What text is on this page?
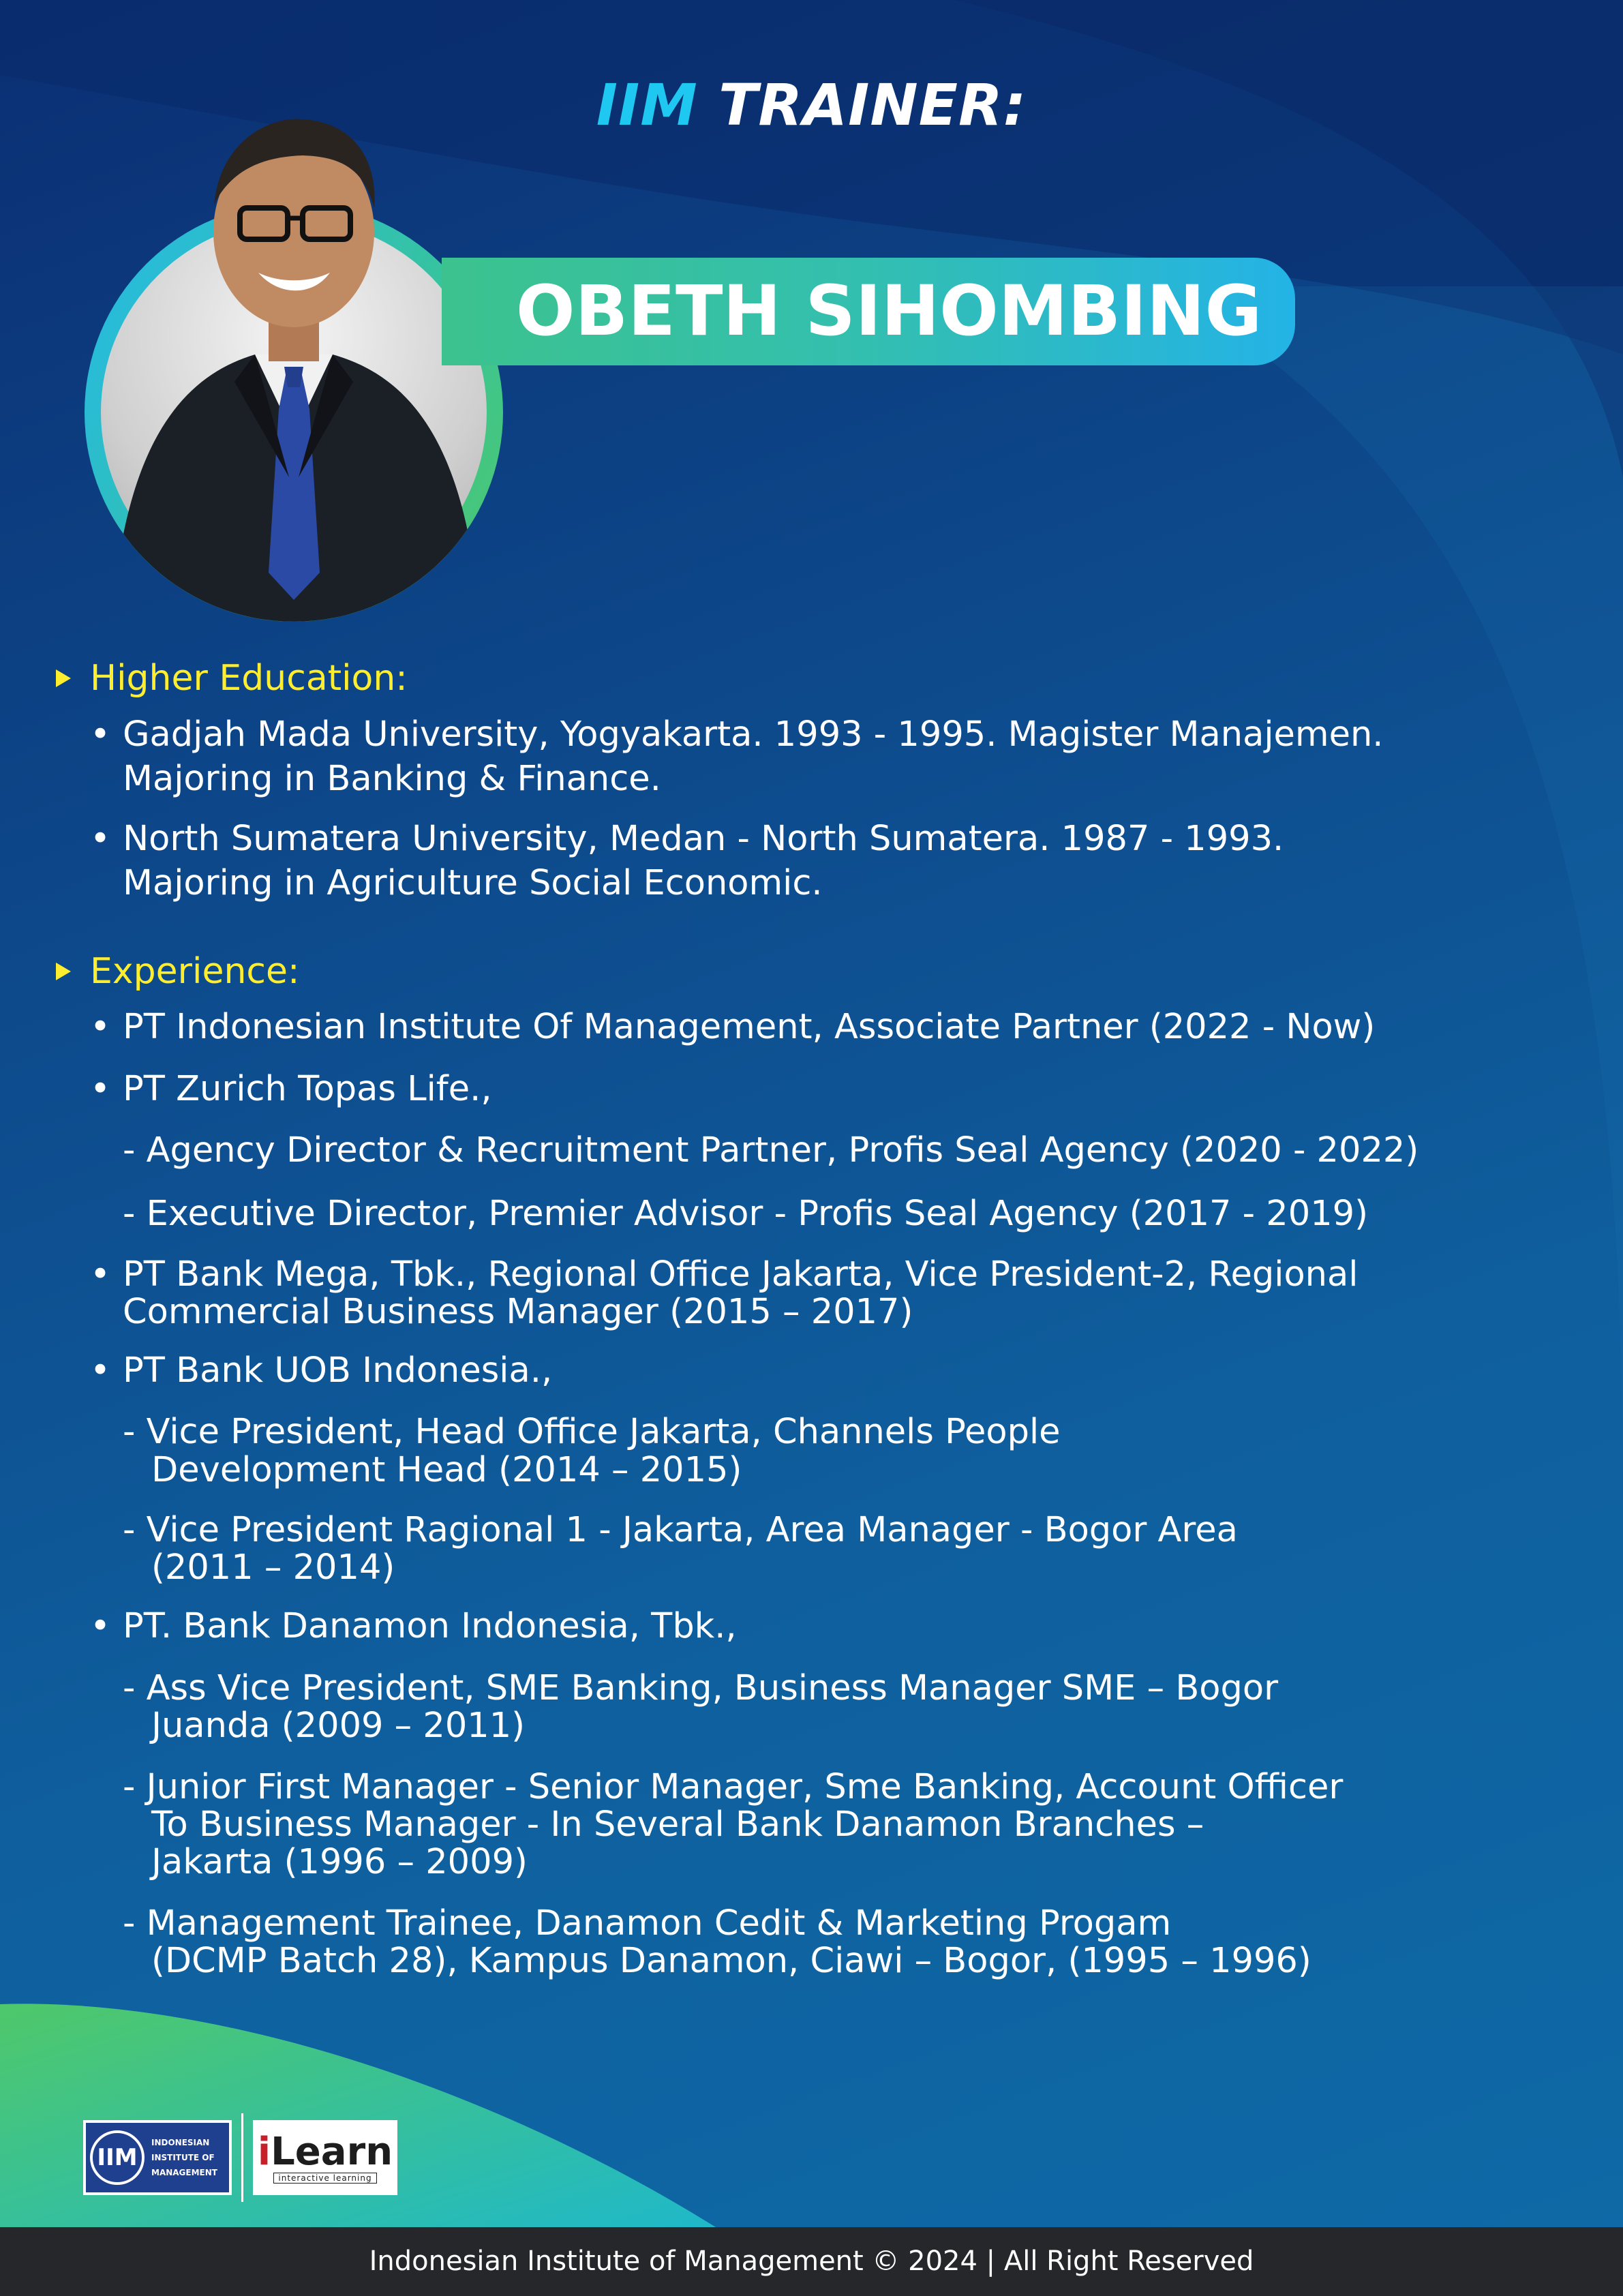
IIM TRAINER:
OBETH SIHOMBING
Higher Education:
• Gadjah Mada University, Yogyakarta. 1993 - 1995. Magister Manajemen.
Majoring in Banking & Finance.
• North Sumatera University, Medan - North Sumatera. 1987 - 1993.
Majoring in Agriculture Social Economic.
Experience:
• PT Indonesian Institute Of Management, Associate Partner (2022 - Now)
• PT Zurich Topas Life.,
- Agency Director & Recruitment Partner, Profis Seal Agency (2020 - 2022)
- Executive Director, Premier Advisor - Profis Seal Agency (2017 - 2019)
• PT Bank Mega, Tbk., Regional Office Jakarta, Vice President-2, Regional
Commercial Business Manager (2015 – 2017)
• PT Bank UOB Indonesia.,
- Vice President, Head Office Jakarta, Channels People
Development Head (2014 – 2015)
- Vice President Ragional 1 - Jakarta, Area Manager - Bogor Area
(2011 – 2014)
• PT. Bank Danamon Indonesia, Tbk.,
- Ass Vice President, SME Banking, Business Manager SME – Bogor
Juanda (2009 – 2011)
- Junior First Manager - Senior Manager, Sme Banking, Account Officer
To Business Manager - In Several Bank Danamon Branches –
Jakarta (1996 – 2009)
- Management Trainee, Danamon Cedit & Marketing Progam
(DCMP Batch 28), Kampus Danamon, Ciawi – Bogor, (1995 – 1996)
IIM
INDONESIAN
INSTITUTE OF
MANAGEMENT iLearn
interactive learning
Indonesian Institute of Management © 2024 | All Right Reserved
